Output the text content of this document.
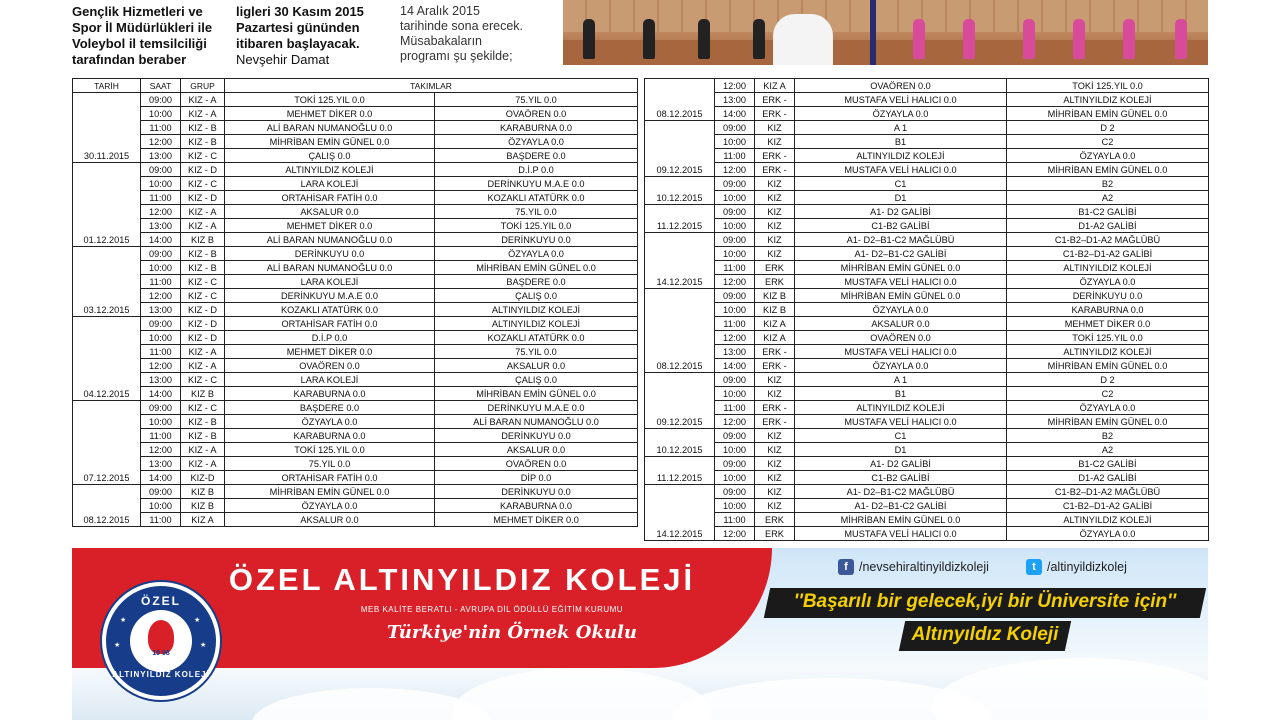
Gençlik Hizmetleri ve
Spor İl Müdürlükleri ile
Voleybol il temsilciliği
tarafından beraber
ligleri 30 Kasım 2015
Pazartesi gününden
itibaren başlayacak.
Nevşehir Damat
14 Aralık 2015
tarihinde sona erecek.
Müsabakaların
programı şu şekilde;
TARİH	SAAT	GRUP	TAKIMLAR	
30.11.2015	09:00	KIZ - A	TOKİ 125.YIL 0.0	75.YIL 0.0
	10:00	KIZ - A	MEHMET DİKER 0.0	OVAÖREN 0.0
	11:00	KIZ - B	ALİ BARAN NUMANOĞLU 0.0	KARABURNA 0.0
	12:00	KIZ - B	MİHRİBAN EMİN GÜNEL 0.0	ÖZYAYLA 0.0
	13:00	KIZ - C	ÇALIŞ 0.0	BAŞDERE 0.0
01.12.2015	09:00	KIZ - D	ALTINYILDIZ KOLEJİ	D.İ.P 0.0
	10:00	KIZ - C	LARA KOLEJİ	DERİNKUYU M.A.E 0.0
	11:00	KIZ - D	ORTAHİSAR FATİH 0.0	KOZAKLI ATATÜRK 0.0
	12:00	KIZ - A	AKSALUR 0.0	75.YIL 0.0
	13:00	KIZ - A	MEHMET DİKER 0.0	TOKİ 125.YIL 0.0
	14:00	KIZ B	ALİ BARAN NUMANOĞLU 0.0	DERİNKUYU 0.0
03.12.2015	09:00	KIZ - B	DERİNKUYU 0.0	ÖZYAYLA 0.0
	10:00	KIZ - B	ALİ BARAN NUMANOĞLU 0.0	MİHRİBAN EMİN GÜNEL 0.0
	11:00	KIZ - C	LARA KOLEJİ	BAŞDERE 0.0
	12:00	KIZ - C	DERİNKUYU M.A.E 0.0	ÇALIŞ 0.0
	13:00	KIZ - D	KOZAKLI ATATÜRK 0.0	ALTINYILDIZ KOLEJİ
04.12.2015	09:00	KIZ - D	ORTAHİSAR FATİH 0.0	ALTINYILDIZ KOLEJİ
	10:00	KIZ - D	D.İ.P 0.0	KOZAKLI ATATÜRK 0.0
	11:00	KIZ - A	MEHMET DİKER 0.0	75.YIL 0.0
	12:00	KIZ - A	OVAÖREN 0.0	AKSALUR 0.0
	13:00	KIZ - C	LARA KOLEJİ	ÇALIŞ 0.0
	14:00	KIZ B	KARABURNA 0.0	MİHRİBAN EMİN GÜNEL 0.0
07.12.2015	09:00	KIZ - C	BAŞDERE 0.0	DERİNKUYU M.A.E 0.0
	10:00	KIZ - B	ÖZYAYLA 0.0	ALİ BARAN NUMANOĞLU 0.0
	11:00	KIZ - B	KARABURNA 0.0	DERİNKUYU 0.0
	12:00	KIZ - A	TOKİ 125.YIL 0.0	AKSALUR 0.0
	13:00	KIZ - A	75.YIL 0.0	OVAÖREN 0.0
	14:00	KIZ-D	ORTAHİSAR FATİH 0.0	DİP 0.0
08.12.2015	09:00	KIZ B	MİHRİBAN EMİN GÜNEL 0.0	DERİNKUYU 0.0
	10:00	KIZ B	ÖZYAYLA 0.0	KARABURNA 0.0
	11:00	KIZ A	AKSALUR 0.0	MEHMET DİKER 0.0
08.12.2015	12:00	KIZ A	OVAÖREN 0.0	TOKİ 125.YIL 0.0
	13:00	ERK -	MUSTAFA VELİ HALICI 0.0	ALTINYILDIZ KOLEJİ
	14:00	ERK -	ÖZYAYLA 0.0	MİHRİBAN EMİN GÜNEL 0.0
09.12.2015	09:00	KIZ	A 1	D 2
	10:00	KIZ	B1	C2
	11:00	ERK -	ALTINYILDIZ KOLEJİ	ÖZYAYLA 0.0
	12:00	ERK -	MUSTAFA VELİ HALICI 0.0	MİHRİBAN EMİN GÜNEL 0.0
10.12.2015	09:00	KIZ	C1	B2
	10:00	KIZ	D1	A2
11.12.2015	09:00	KIZ	A1- D2 GALİBİ	B1-C2 GALİBİ
	10:00	KIZ	C1-B2 GALİBİ	D1-A2 GALİBİ
14.12.2015	09:00	KIZ	A1- D2–B1-C2 MAĞLÜBÜ	C1-B2–D1-A2 MAĞLÜBÜ
	10:00	KIZ	A1- D2–B1-C2 GALİBİ	C1-B2–D1-A2 GALİBİ
	11:00	ERK	MİHRİBAN EMİN GÜNEL 0.0	ALTINYILDIZ KOLEJİ
	12:00	ERK	MUSTAFA VELİ HALICI 0.0	ÖZYAYLA 0.0
08.12.2015	09:00	KIZ B	MİHRİBAN EMİN GÜNEL 0.0	DERİNKUYU 0.0
	10:00	KIZ B	ÖZYAYLA 0.0	KARABURNA 0.0
	11:00	KIZ A	AKSALUR 0.0	MEHMET DİKER 0.0
	12:00	KIZ A	OVAÖREN 0.0	TOKİ 125.YIL 0.0
	13:00	ERK -	MUSTAFA VELİ HALICI 0.0	ALTINYILDIZ KOLEJİ
	14:00	ERK -	ÖZYAYLA 0.0	MİHRİBAN EMİN GÜNEL 0.0
09.12.2015	09:00	KIZ	A 1	D 2
	10:00	KIZ	B1	C2
	11:00	ERK -	ALTINYILDIZ KOLEJİ	ÖZYAYLA 0.0
	12:00	ERK -	MUSTAFA VELİ HALICI 0.0	MİHRİBAN EMİN GÜNEL 0.0
10.12.2015	09:00	KIZ	C1	B2
	10:00	KIZ	D1	A2
11.12.2015	09:00	KIZ	A1- D2 GALİBİ	B1-C2 GALİBİ
	10:00	KIZ	C1-B2 GALİBİ	D1-A2 GALİBİ
14.12.2015	09:00	KIZ	A1- D2–B1-C2 MAĞLÜBÜ	C1-B2–D1-A2 MAĞLÜBÜ
	10:00	KIZ	A1- D2–B1-C2 GALİBİ	C1-B2–D1-A2 GALİBİ
	11:00	ERK	MİHRİBAN EMİN GÜNEL 0.0	ALTINYILDIZ KOLEJİ
	12:00	ERK	MUSTAFA VELİ HALICI 0.0	ÖZYAYLA 0.0
ÖZEL
★	★
★	★
19 98
ALTINYILDIZ KOLEJİ
ÖZEL ALTINYILDIZ KOLEJİ
MEB KALİTE BERATLI - AVRUPA DİL ÖDÜLLÜ EĞİTİM KURUMU
Türkiye'nin Örnek Okulu
f /nevsehiraltinyildizkoleji	t /altinyildizkolej
''Başarılı bir gelecek,iyi bir Üniversite için''
Altınyıldız Koleji
